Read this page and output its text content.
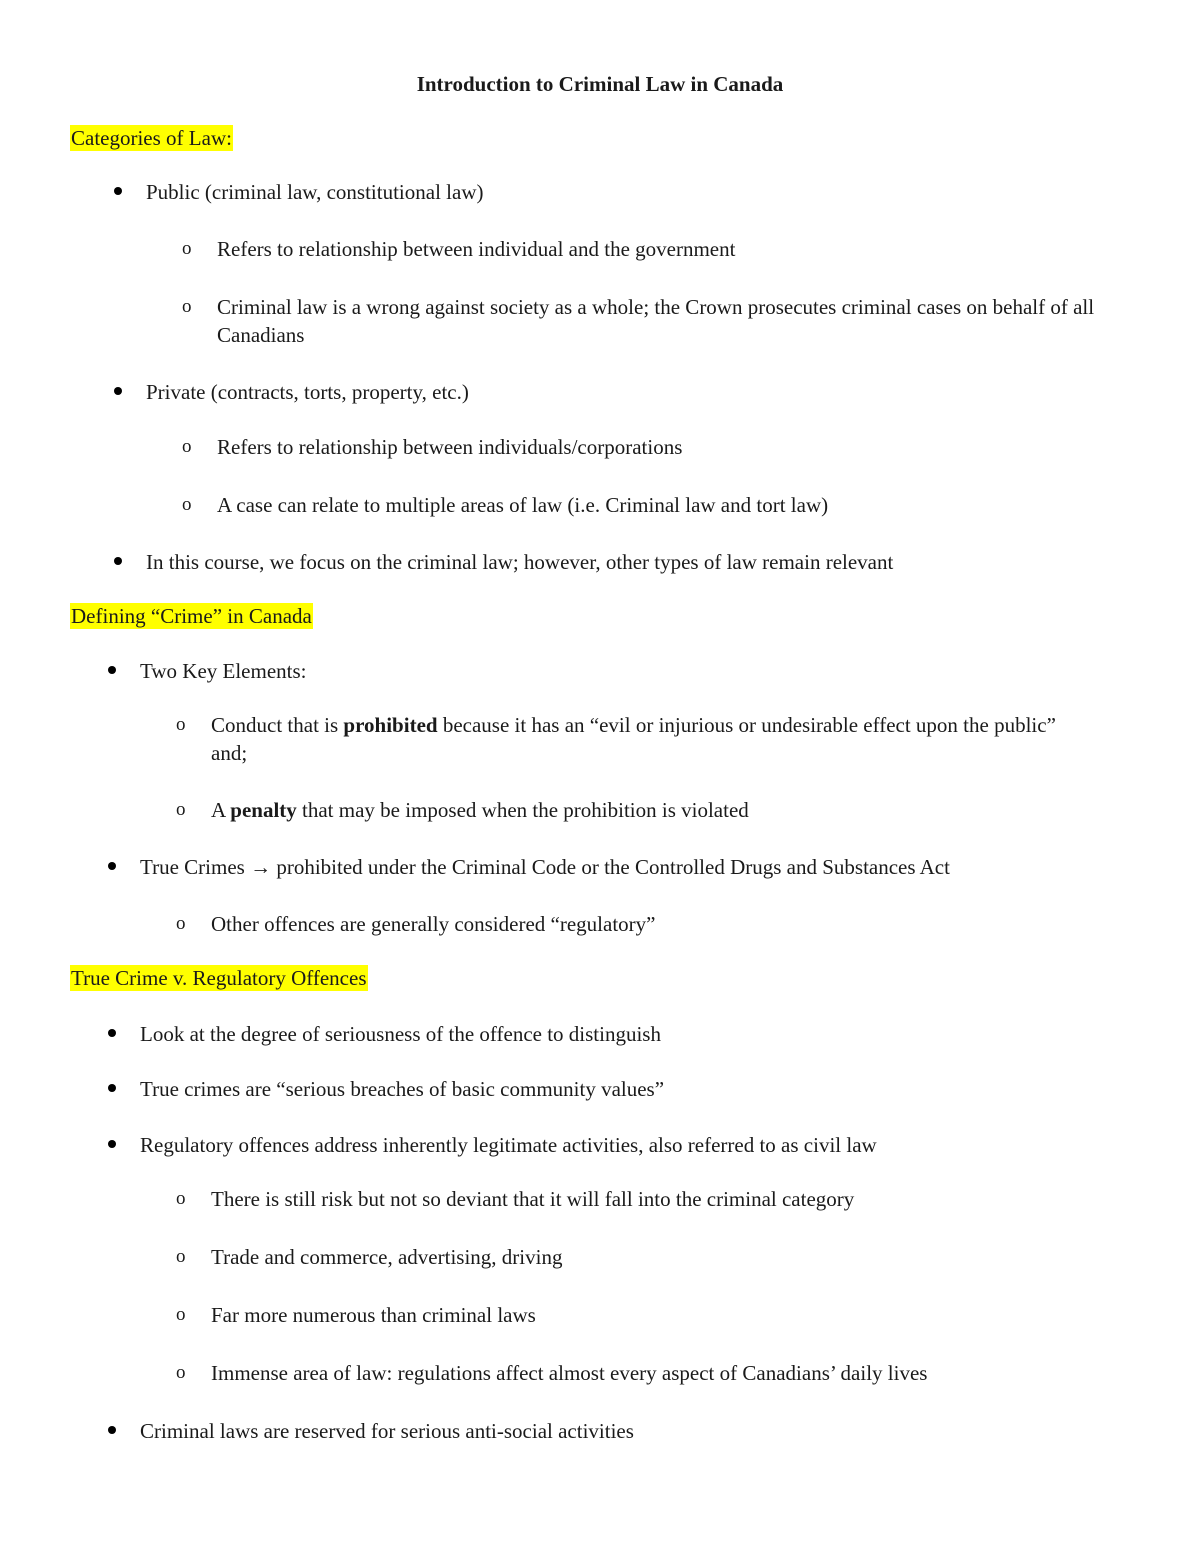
Introduction to Criminal Law in Canada
Categories of Law:
Public (criminal law, constitutional law)
o Refers to relationship between individual and the government
o Criminal law is a wrong against society as a whole; the Crown prosecutes criminal cases on behalf of all Canadians
Private (contracts, torts, property, etc.)
o Refers to relationship between individuals/corporations
o A case can relate to multiple areas of law (i.e. Criminal law and tort law)
In this course, we focus on the criminal law; however, other types of law remain relevant
Defining “Crime” in Canada
Two Key Elements:
o Conduct that is prohibited because it has an “evil or injurious or undesirable effect upon the public” and;
o A penalty that may be imposed when the prohibition is violated
True Crimes → prohibited under the Criminal Code or the Controlled Drugs and Substances Act
o Other offences are generally considered “regulatory”
True Crime v. Regulatory Offences
Look at the degree of seriousness of the offence to distinguish
True crimes are “serious breaches of basic community values”
Regulatory offences address inherently legitimate activities, also referred to as civil law
o There is still risk but not so deviant that it will fall into the criminal category
o Trade and commerce, advertising, driving
o Far more numerous than criminal laws
o Immense area of law: regulations affect almost every aspect of Canadians’ daily lives
Criminal laws are reserved for serious anti-social activities
